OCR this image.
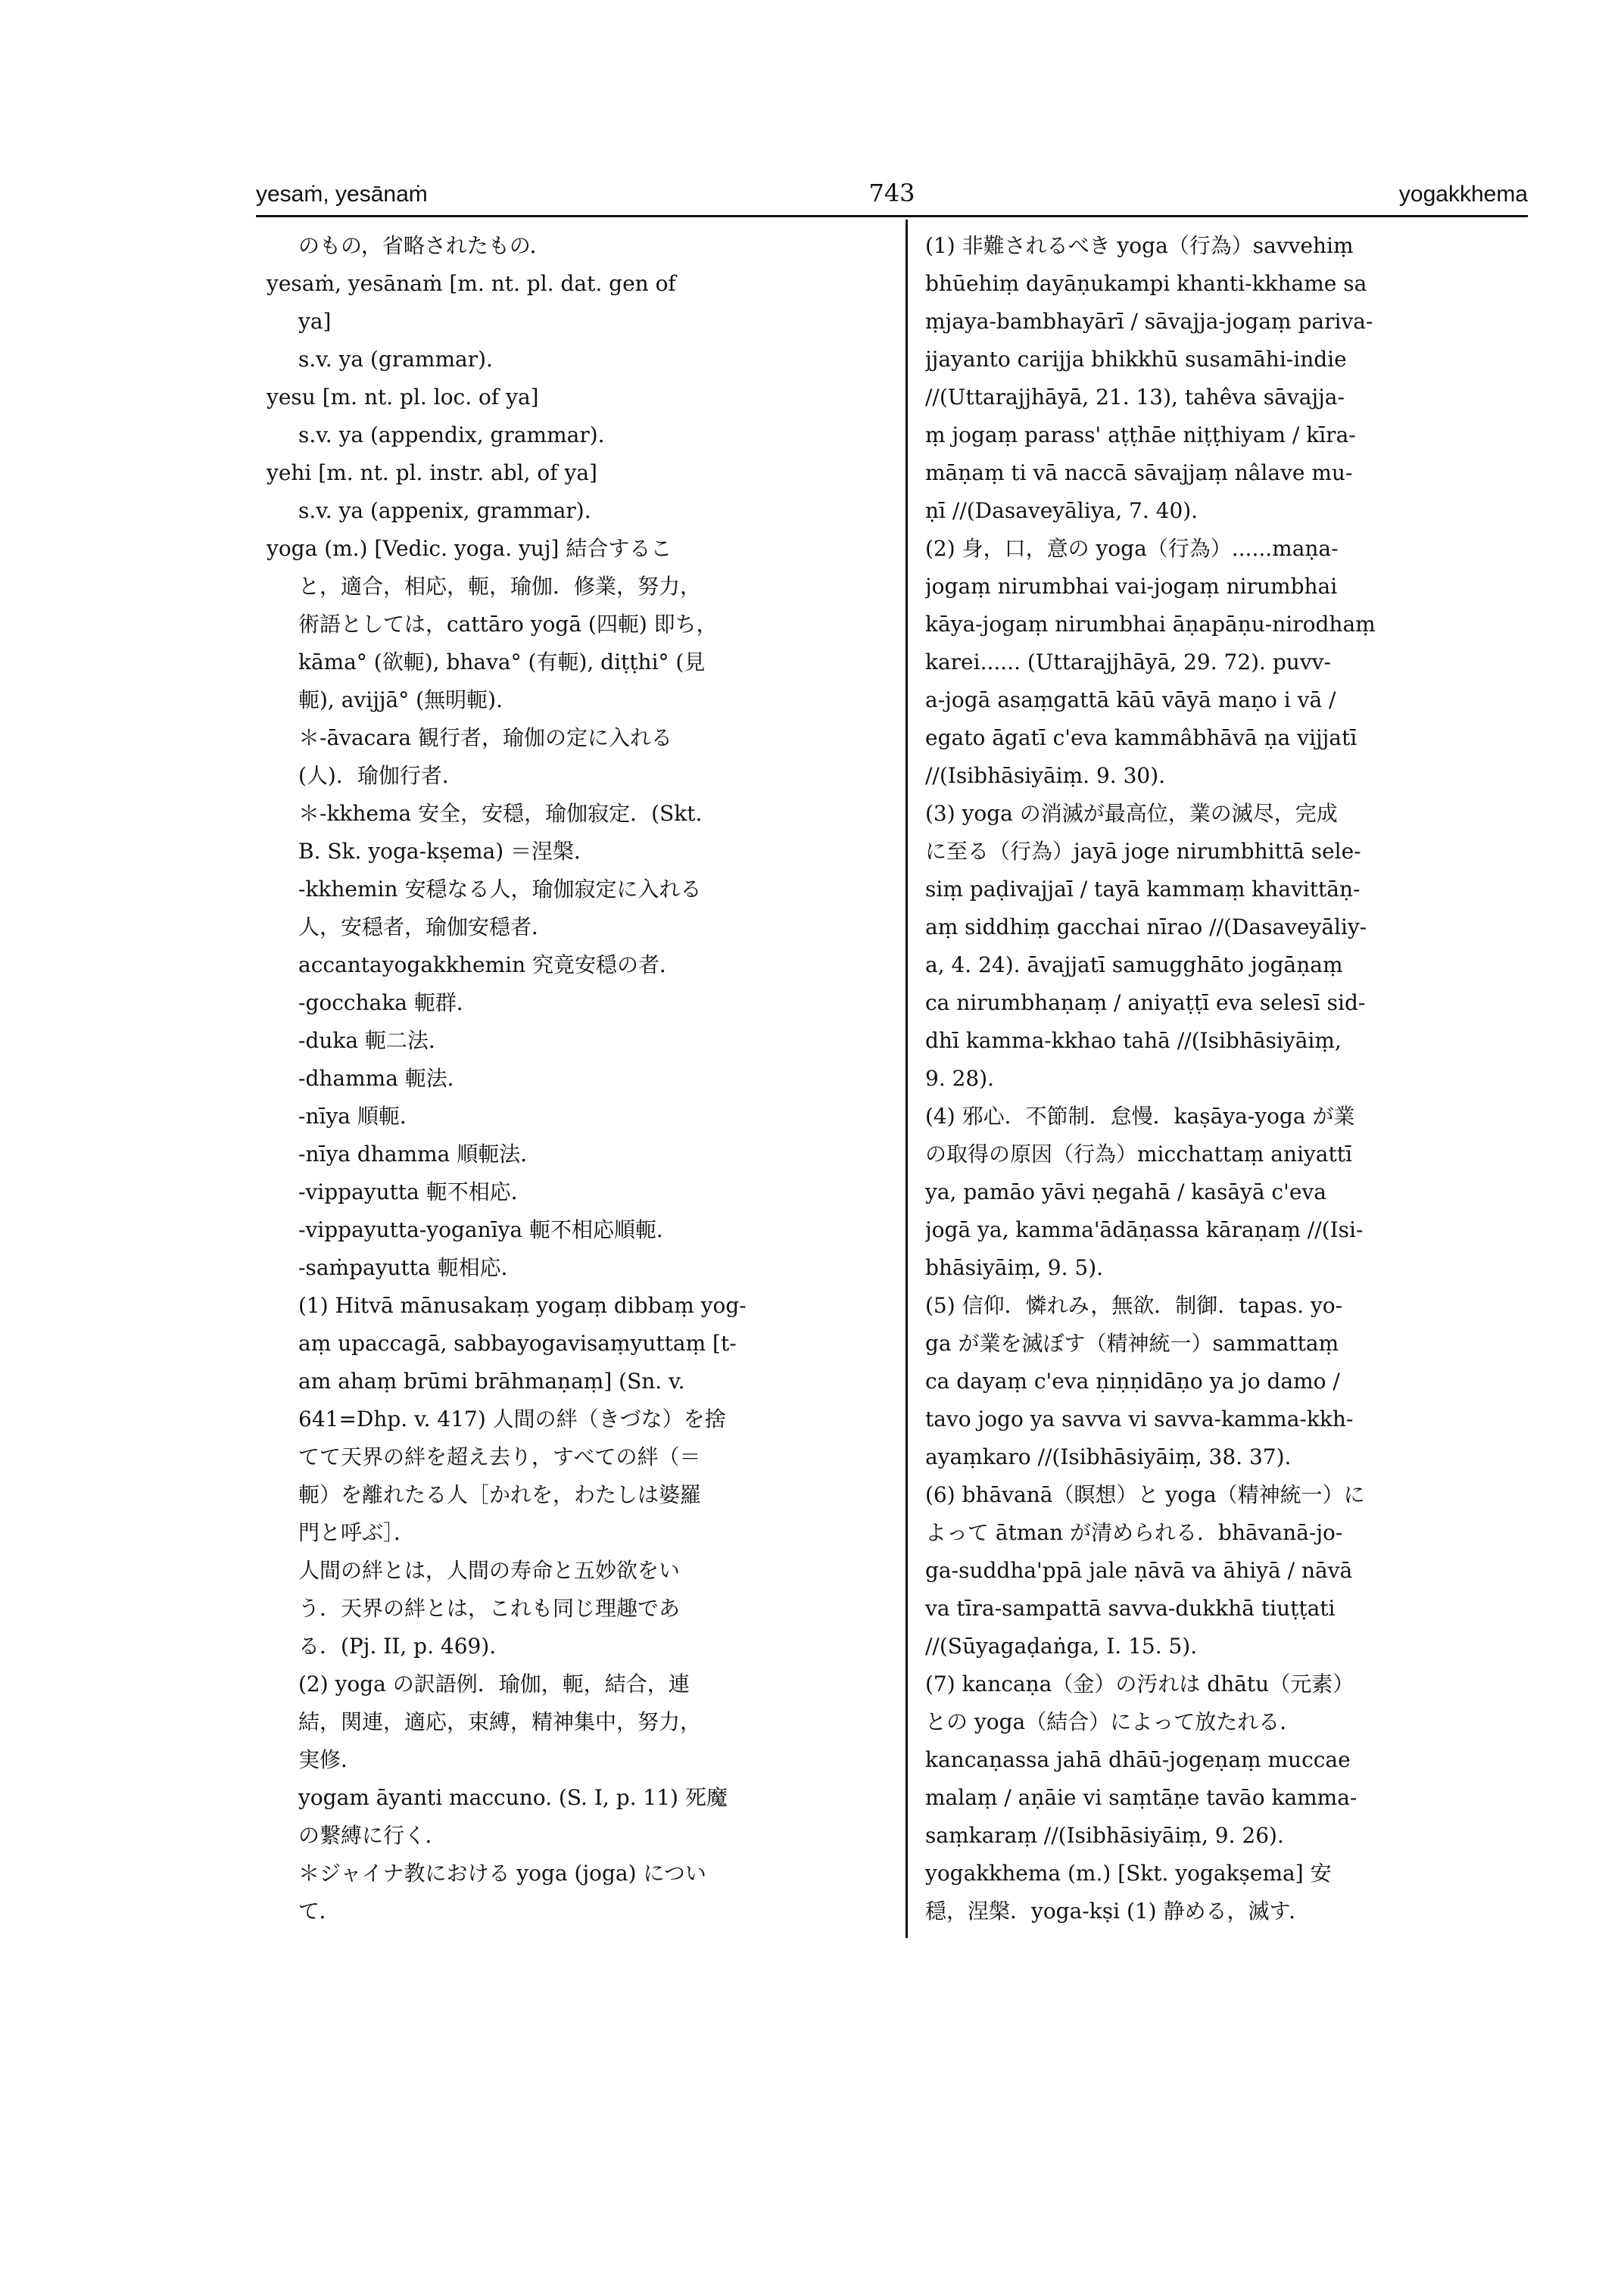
yesaṁ, yesānaṁ	743	yogakkhema
のもの，省略されたもの．
yesaṁ, yesānaṁ [m. nt. pl. dat. gen of
ya]
s.v. ya (grammar).
yesu [m. nt. pl. loc. of ya]
s.v. ya (appendix, grammar).
yehi [m. nt. pl. instr. abl, of ya]
s.v. ya (appenix, grammar).
yoga (m.) [Vedic. yoga. yuj] 結合するこ
と，適合，相応，軛，瑜伽．修業，努力，
術語としては，cattāro yogā (四軛) 即ち，
kāma° (欲軛), bhava° (有軛), diṭṭhi° (見
軛), avijjā° (無明軛).
＊-āvacara 観行者，瑜伽の定に入れる
(人)．瑜伽行者．
＊-kkhema 安全，安穏，瑜伽寂定．(Skt.
B. Sk. yoga-kṣema) ＝涅槃．
-kkhemin 安穏なる人，瑜伽寂定に入れる
人，安穏者，瑜伽安穏者．
accantayogakkhemin 究竟安穏の者．
-gocchaka 軛群．
-duka 軛二法．
-dhamma 軛法．
-nīya 順軛．
-nīya dhamma 順軛法．
-vippayutta 軛不相応．
-vippayutta-yoganīya 軛不相応順軛．
-saṁpayutta 軛相応．
(1) Hitvā mānusakaṃ yogaṃ dibbaṃ yog-
aṃ upaccagā, sabbayogavisaṃyuttaṃ [t-
am ahaṃ brūmi brāhmaṇaṃ] (Sn. v.
641=Dhp. v. 417) 人間の絆（きづな）を捨
てて天界の絆を超え去り，すべての絆（＝
軛）を離れたる人［かれを，わたしは婆羅
門と呼ぶ］．
人間の絆とは，人間の寿命と五妙欲をい
う．天界の絆とは，これも同じ理趣であ
る．(Pj. II, p. 469).
(2) yoga の訳語例．瑜伽，軛，結合，連
結，関連，適応，束縛，精神集中，努力，
実修．
yogam āyanti maccuno. (S. I, p. 11) 死魔
の繋縛に行く．
＊ジャイナ教における yoga (joga) につい
て．
(1) 非難されるべき yoga（行為）savvehiṃ
bhūehiṃ dayāṇukampi khanti-kkhame sa
ṃjaya-bambhayārī / sāvajja-jogaṃ pariva-
jjayanto carijja bhikkhū susamāhi-indie
//(Uttarajjhāyā, 21. 13), tahêva sāvajja-
ṃ jogaṃ parass' aṭṭhāe niṭṭhiyam / kīra-
māṇaṃ ti vā naccā sāvajjaṃ nâlave mu-
ṇī //(Dasaveyāliya, 7. 40).
(2) 身，口，意の yoga（行為）......maṇa-
jogaṃ nirumbhai vai-jogaṃ nirumbhai
kāya-jogaṃ nirumbhai āṇapāṇu-nirodhaṃ
karei...... (Uttarajjhāyā, 29. 72). puvv-
a-jogā asaṃgattā kāū vāyā maṇo i vā /
egato āgatī c'eva kammâbhāvā ṇa vijjatī
//(Isibhāsiyāiṃ. 9. 30).
(3) yoga の消滅が最高位，業の滅尽，完成
に至る（行為）jayā joge nirumbhittā sele-
siṃ paḍivajjaī / tayā kammaṃ khavittāṇ-
aṃ siddhiṃ gacchai nīrao //(Dasaveyāliy-
a, 4. 24). āvajjatī samugghāto jogāṇaṃ
ca nirumbhaṇaṃ / aniyaṭṭī eva selesī sid-
dhī kamma-kkhao tahā //(Isibhāsiyāiṃ,
9. 28).
(4) 邪心．不節制．怠慢．kaṣāya-yoga が業
の取得の原因（行為）micchattaṃ aniyattī
ya, pamāo yāvi ṇegahā / kasāyā c'eva
jogā ya, kamma'ādāṇassa kāraṇaṃ //(Isi-
bhāsiyāiṃ, 9. 5).
(5) 信仰．憐れみ，無欲．制御．tapas. yo-
ga が業を滅ぼす（精神統一）sammattaṃ
ca dayaṃ c'eva ṇiṇṇidāṇo ya jo damo /
tavo jogo ya savva vi savva-kamma-kkh-
ayaṃkaro //(Isibhāsiyāiṃ, 38. 37).
(6) bhāvanā（瞑想）と yoga（精神統一）に
よって ātman が清められる．bhāvanā-jo-
ga-suddha'ppā jale ṇāvā va āhiyā / nāvā
va tīra-sampattā savva-dukkhā tiuṭṭati
//(Sūyagaḍaṅga, I. 15. 5).
(7) kancaṇa（金）の汚れは dhātu（元素）
との yoga（結合）によって放たれる．
kancaṇassa jahā dhāū-jogeṇaṃ muccae
malaṃ / aṇāie vi saṃtāṇe tavāo kamma-
saṃkaraṃ //(Isibhāsiyāiṃ, 9. 26).
yogakkhema (m.) [Skt. yogakṣema] 安
穏，涅槃．yoga-kṣi (1) 静める，滅す．
